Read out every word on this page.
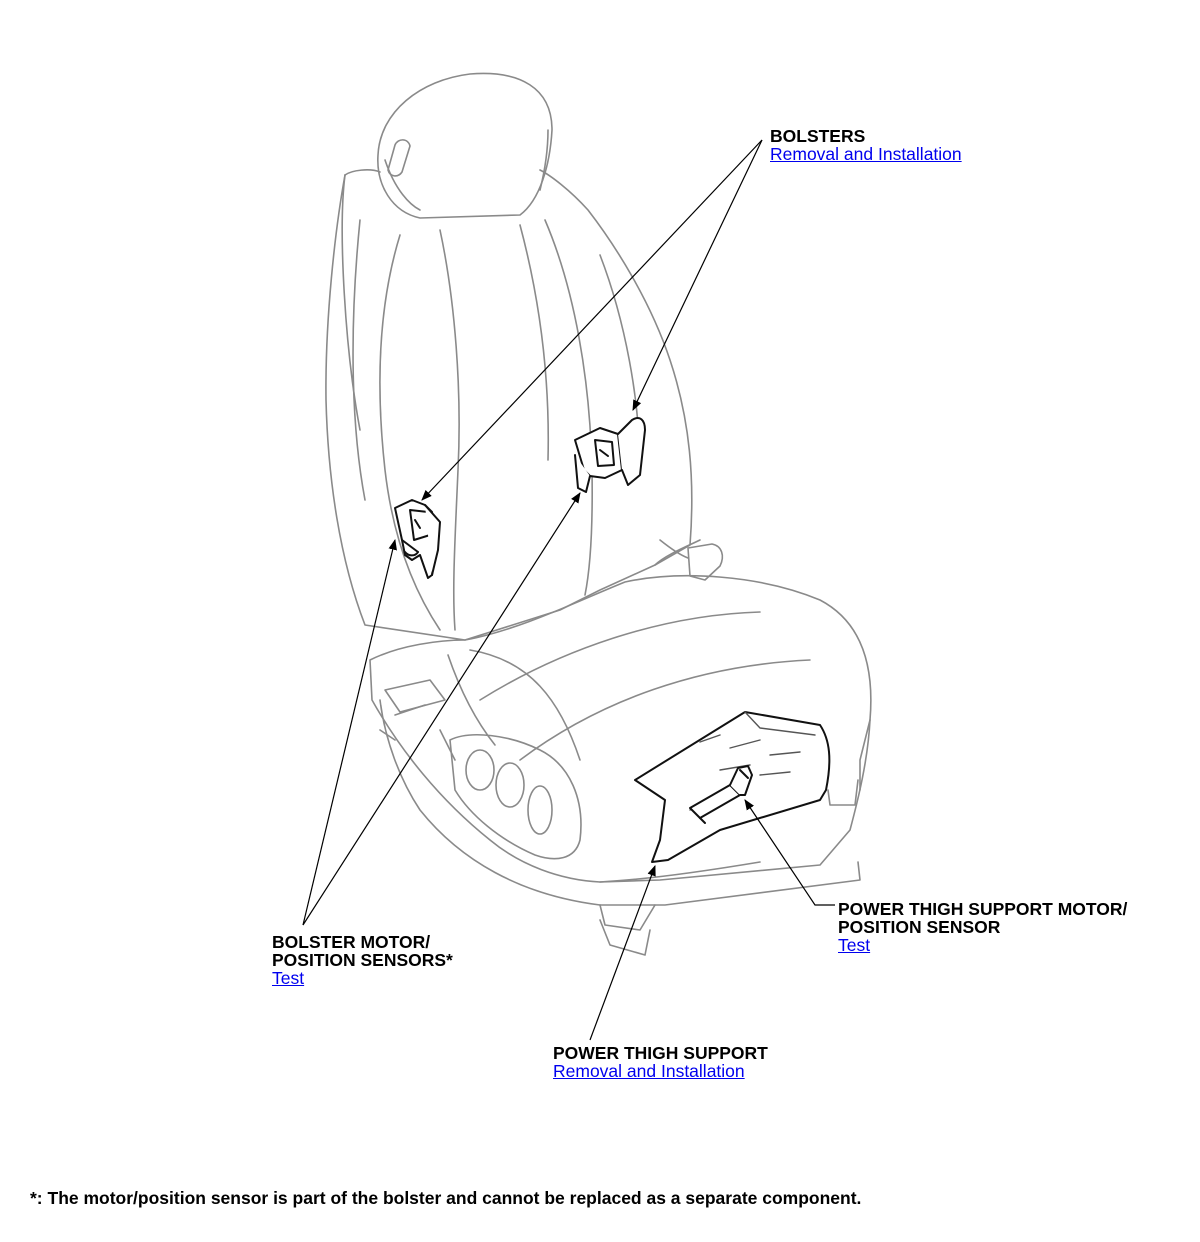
BOLSTERS
Removal and Installation
BOLSTER MOTOR/
POSITION SENSORS*
Test
POWER THIGH SUPPORT MOTOR/
POSITION SENSOR
Test
POWER THIGH SUPPORT
Removal and Installation
*: The motor/position sensor is part of the bolster and cannot be replaced as a separate component.
